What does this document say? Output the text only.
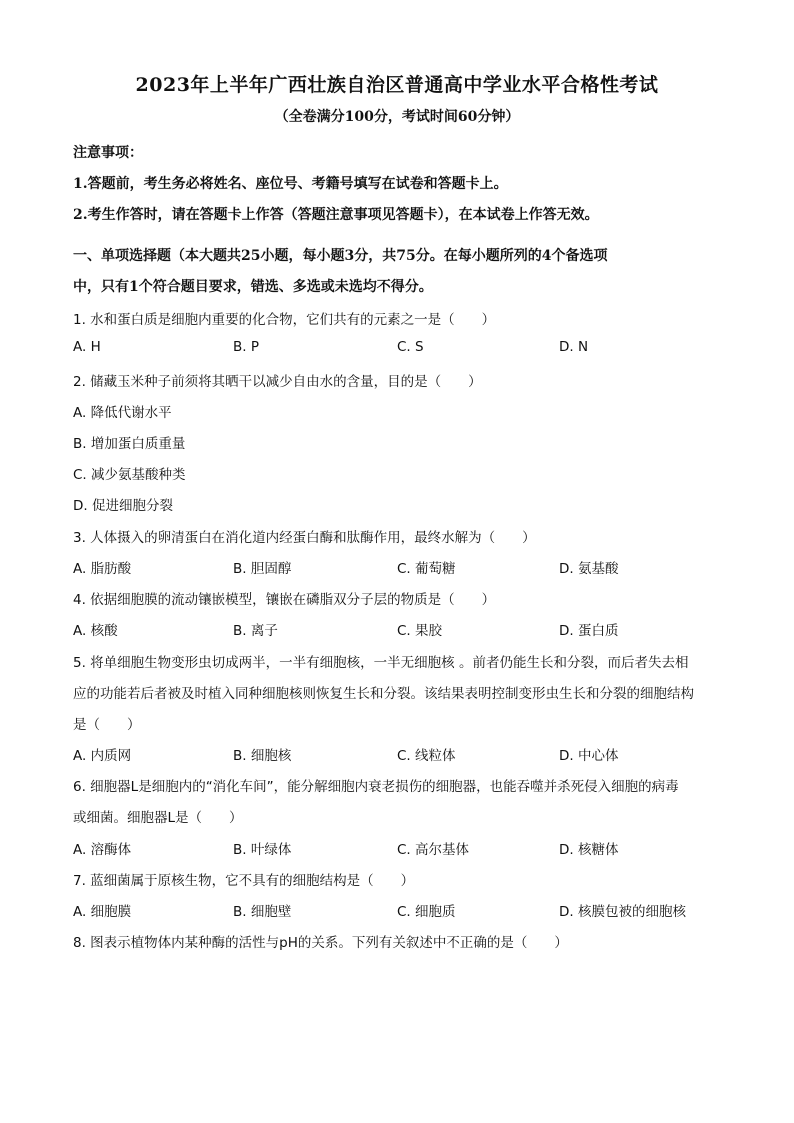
2023年上半年广西壮族自治区普通高中学业水平合格性考试
（全卷满分100分，考试时间60分钟）
注意事项：
1.答题前，考生务必将姓名、座位号、考籍号填写在试卷和答题卡上。
2.考生作答时，请在答题卡上作答（答题注意事项见答题卡），在本试卷上作答无效。
一、单项选择题（本大题共25小题，每小题3分，共75分。在每小题所列的4个备选项
中，只有1个符合题目要求，错选、多选或未选均不得分。
1. 水和蛋白质是细胞内重要的化合物，它们共有的元素之一是（　　）
A. H	B. P	C. S	D. N
2. 储藏玉米种子前须将其晒干以减少自由水的含量，目的是（　　）
A. 降低代谢水平
B. 增加蛋白质重量
C. 减少氨基酸种类
D. 促进细胞分裂
3. 人体摄入的卵清蛋白在消化道内经蛋白酶和肽酶作用，最终水解为（　　）
A. 脂肪酸	B. 胆固醇	C. 葡萄糖	D. 氨基酸
4. 依据细胞膜的流动镶嵌模型，镶嵌在磷脂双分子层的物质是（　　）
A. 核酸	B. 离子	C. 果胶	D. 蛋白质
5. 将单细胞生物变形虫切成两半，一半有细胞核，一半无细胞核 。前者仍能生长和分裂，而后者失去相
应的功能若后者被及时植入同种细胞核则恢复生长和分裂。该结果表明控制变形虫生长和分裂的细胞结构
是（　　）
A. 内质网	B. 细胞核	C. 线粒体	D. 中心体
6. 细胞器L是细胞内的“消化车间”，能分解细胞内衰老损伤的细胞器，也能吞噬并杀死侵入细胞的病毒
或细菌。细胞器L是（　　）
A. 溶酶体	B. 叶绿体	C. 高尔基体	D. 核糖体
7. 蓝细菌属于原核生物，它不具有的细胞结构是（　　）
A. 细胞膜	B. 细胞壁	C. 细胞质	D. 核膜包被的细胞核
8. 图表示植物体内某种酶的活性与pH的关系。下列有关叙述中不正确的是（　　）
